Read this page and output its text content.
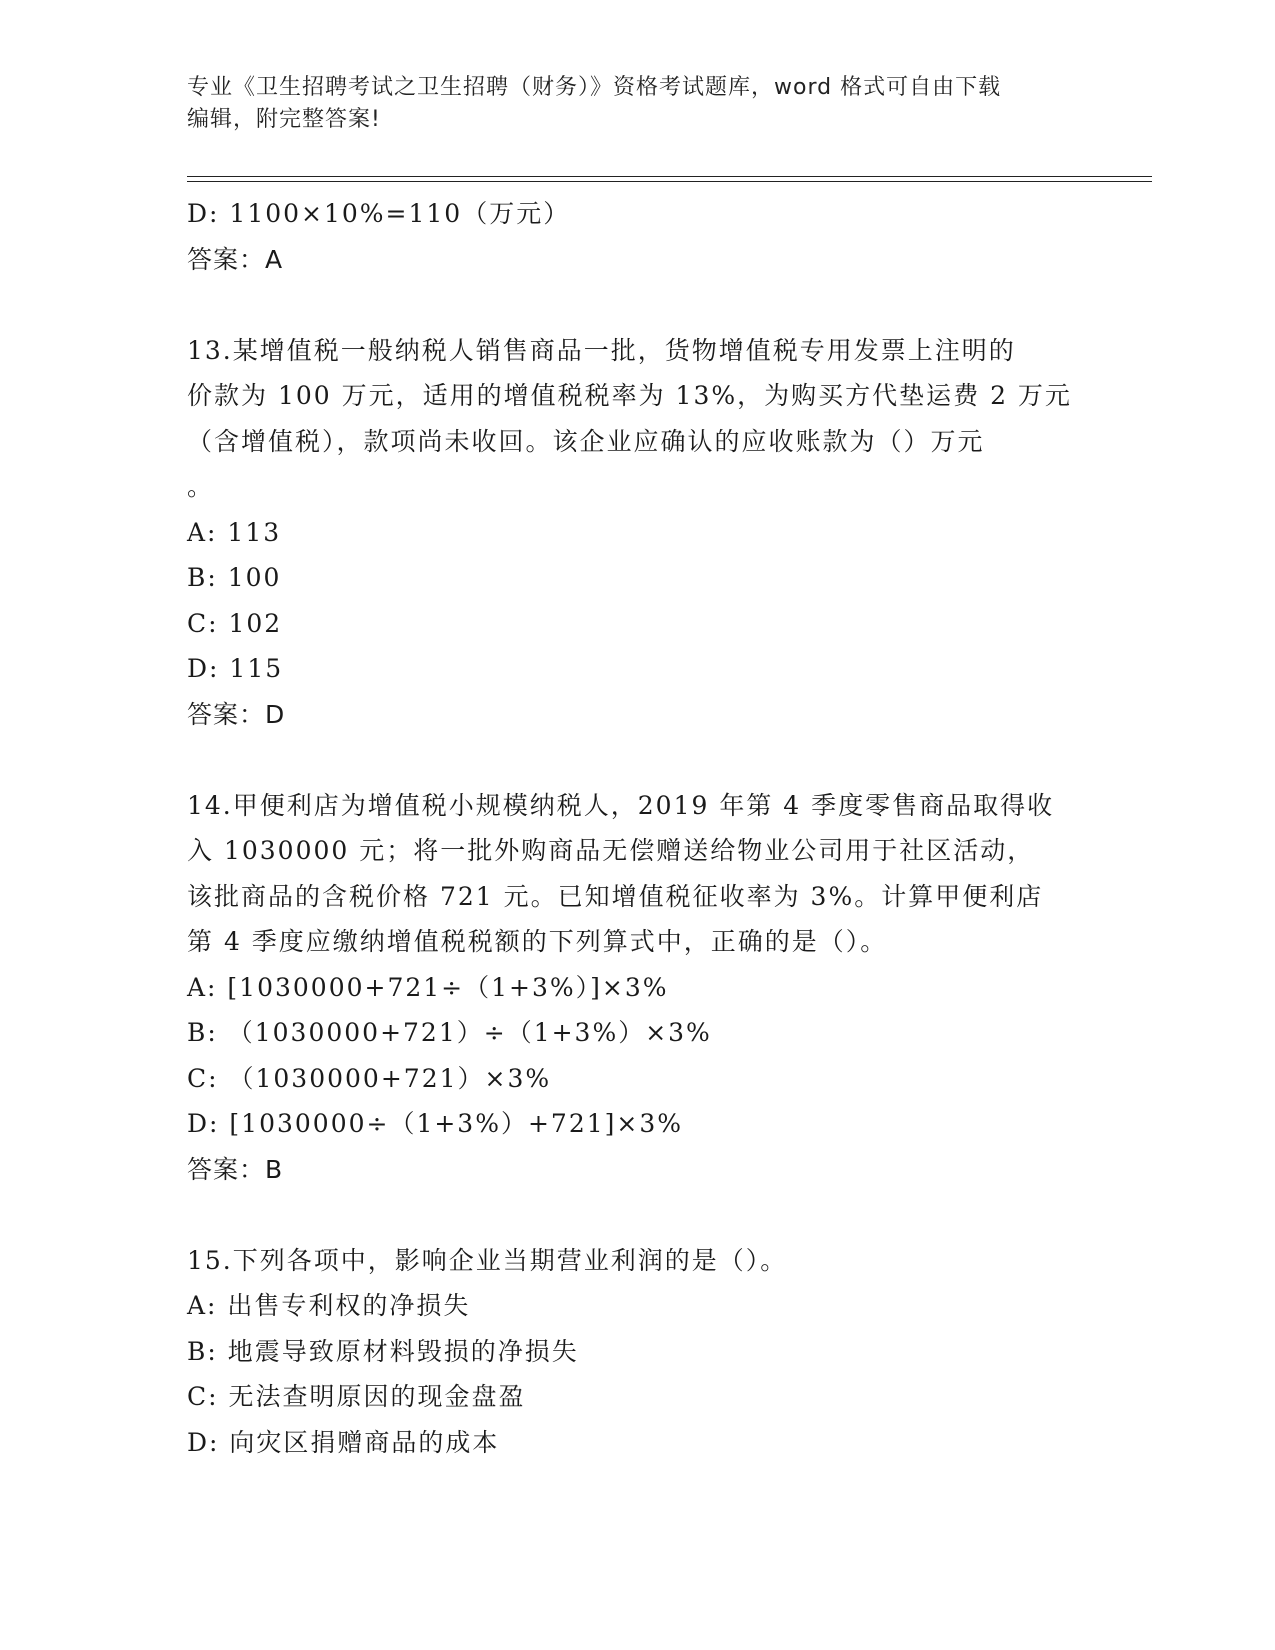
专业《卫生招聘考试之卫生招聘（财务）》资格考试题库，word 格式可自由下载
编辑，附完整答案!
D: 1100×10%=110（万元）
答案：A
13.某增值税一般纳税人销售商品一批，货物增值税专用发票上注明的
价款为 100 万元，适用的增值税税率为 13%，为购买方代垫运费 2 万元
（含增值税），款项尚未收回。该企业应确认的应收账款为（）万元
。
A: 113
B: 100
C: 102
D: 115
答案：D
14.甲便利店为增值税小规模纳税人，2019 年第 4 季度零售商品取得收
入 1030000 元；将一批外购商品无偿赠送给物业公司用于社区活动，
该批商品的含税价格 721 元。已知增值税征收率为 3%。计算甲便利店
第 4 季度应缴纳增值税税额的下列算式中，正确的是（）。
A: [1030000+721÷（1+3%）]×3%
B: （1030000+721）÷（1+3%）×3%
C: （1030000+721）×3%
D: [1030000÷（1+3%）+721]×3%
答案：B
15.下列各项中，影响企业当期营业利润的是（）。
A: 出售专利权的净损失
B: 地震导致原材料毁损的净损失
C: 无法查明原因的现金盘盈
D: 向灾区捐赠商品的成本
